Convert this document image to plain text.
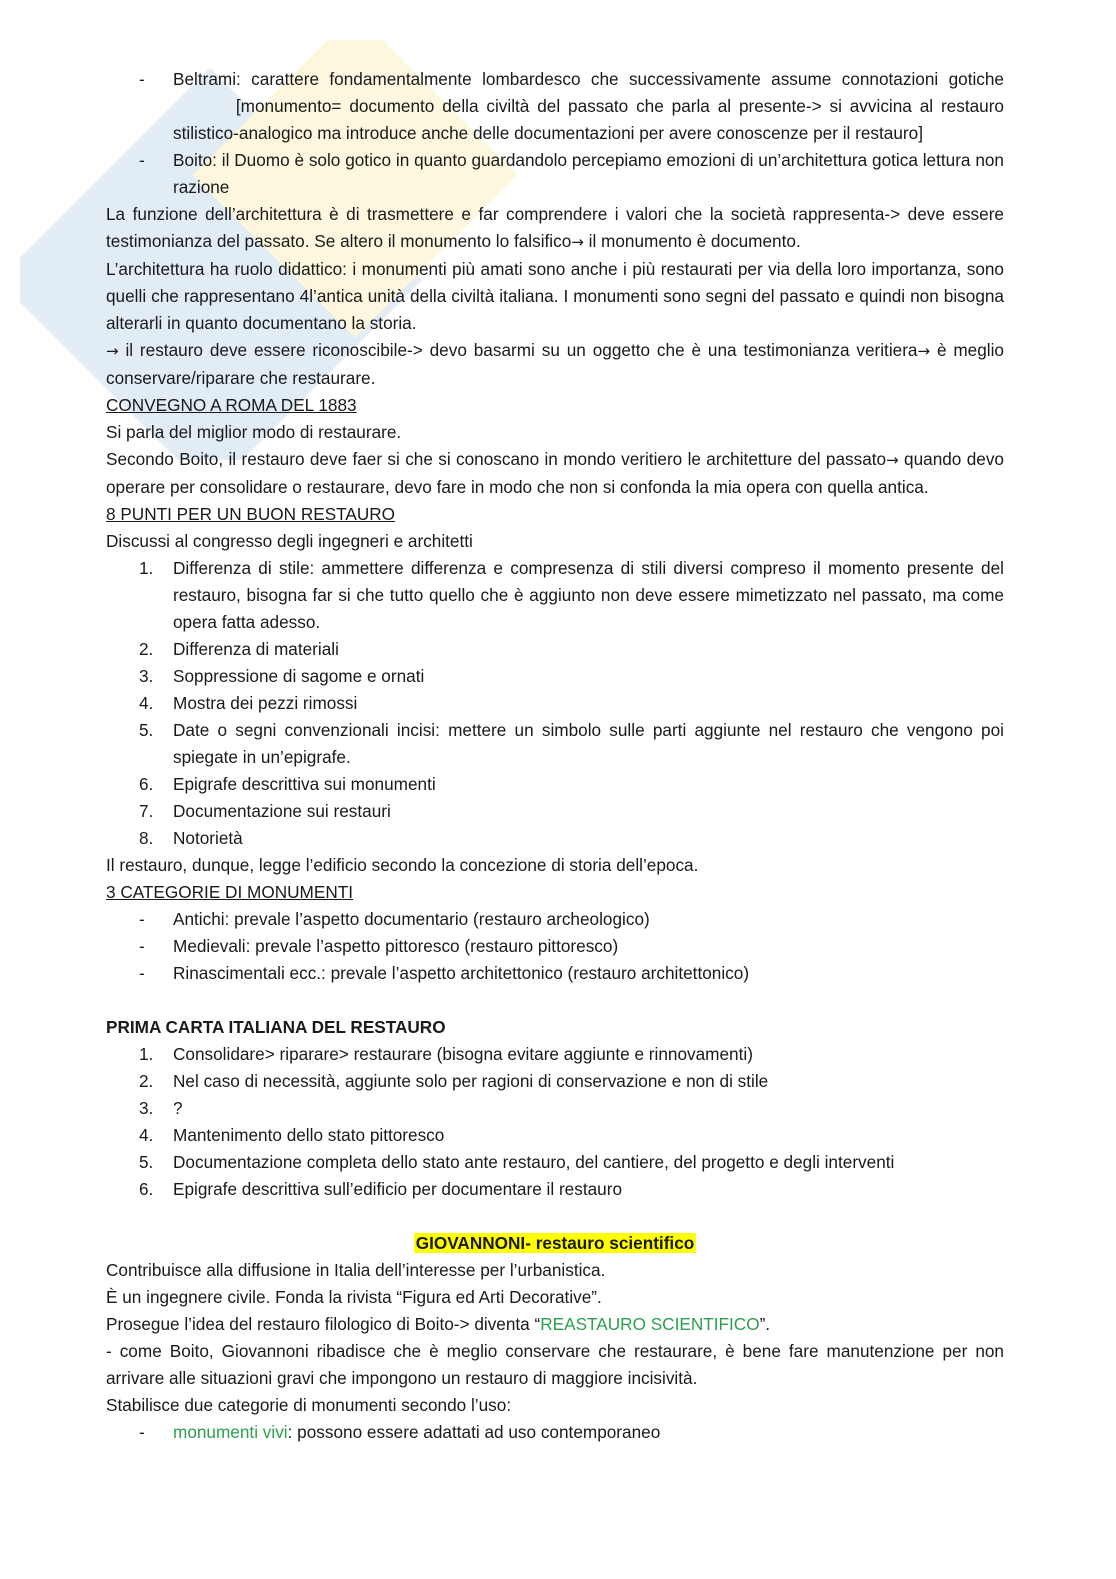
- Beltrami: carattere fondamentalmente lombardesco che successivamente assume connotazioni gotiche         [monumento= documento della civiltà del passato che parla al presente-> si avvicina al restauro stilistico-analogico ma introduce anche delle documentazioni per avere conoscenze per il restauro]
- Boito: il Duomo è solo gotico in quanto guardandolo percepiamo emozioni di un’architettura gotica lettura non razione

La funzione dell’architettura è di trasmettere e far comprendere i valori che la società rappresenta-> deve essere testimonianza del passato. Se altero il monumento lo falsifico→ il monumento è documento.

L’architettura ha ruolo didattico: i monumenti più amati sono anche i più restaurati per via della loro importanza, sono quelli che rappresentano 4l’antica unità della civiltà italiana. I monumenti sono segni del passato e quindi non bisogna alterarli in quanto documentano la storia.

→ il restauro deve essere riconoscibile-> devo basarmi su un oggetto che è una testimonianza veritiera→ è meglio conservare/riparare che restaurare.

CONVEGNO A ROMA DEL 1883

Si parla del miglior modo di restaurare.

Secondo Boito, il restauro deve faer si che si conoscano in mondo veritiero le architetture del passato→ quando devo operare per consolidare o restaurare, devo fare in modo che non si confonda la mia opera con quella antica.

8 PUNTI PER UN BUON RESTAURO

Discussi al congresso degli ingegneri e architetti

1.	Differenza di stile: ammettere differenza e compresenza di stili diversi compreso il momento presente del restauro, bisogna far si che tutto quello che è aggiunto non deve essere mimetizzato nel passato, ma come opera fatta adesso.
2.	Differenza di materiali
3.	Soppressione di sagome e ornati
4.	Mostra dei pezzi rimossi
5.	Date o segni convenzionali incisi: mettere un simbolo sulle parti aggiunte nel restauro che vengono poi spiegate in un’epigrafe.
6.	Epigrafe descrittiva sui monumenti
7.	Documentazione sui restauri
8.	Notorietà

Il restauro, dunque, legge l’edificio secondo la concezione di storia dell’epoca.

3 CATEGORIE DI MONUMENTI

- Antichi: prevale l’aspetto documentario (restauro archeologico)
- Medievali: prevale l’aspetto pittoresco (restauro pittoresco)
- Rinascimentali ecc.: prevale l’aspetto architettonico (restauro architettonico)

PRIMA CARTA ITALIANA DEL RESTAURO

1.	Consolidare> riparare> restaurare (bisogna evitare aggiunte e rinnovamenti)
2.	Nel caso di necessità, aggiunte solo per ragioni di conservazione e non di stile
3.	?
4.	Mantenimento dello stato pittoresco
5.	Documentazione completa dello stato ante restauro, del cantiere, del progetto e degli interventi
6.	Epigrafe descrittiva sull’edificio per documentare il restauro

GIOVANNONI- restauro scientifico

Contribuisce alla diffusione in Italia dell’interesse per l’urbanistica.

È un ingegnere civile. Fonda la rivista “Figura ed Arti Decorative”.

Prosegue l’idea del restauro filologico di Boito-> diventa “REASTAURO SCIENTIFICO”.

- come Boito, Giovannoni ribadisce che è meglio conservare che restaurare, è bene fare manutenzione per non arrivare alle situazioni gravi che impongono un restauro di maggiore incisività.

Stabilisce due categorie di monumenti secondo l’uso:

- monumenti vivi: possono essere adattati ad uso contemporaneo
